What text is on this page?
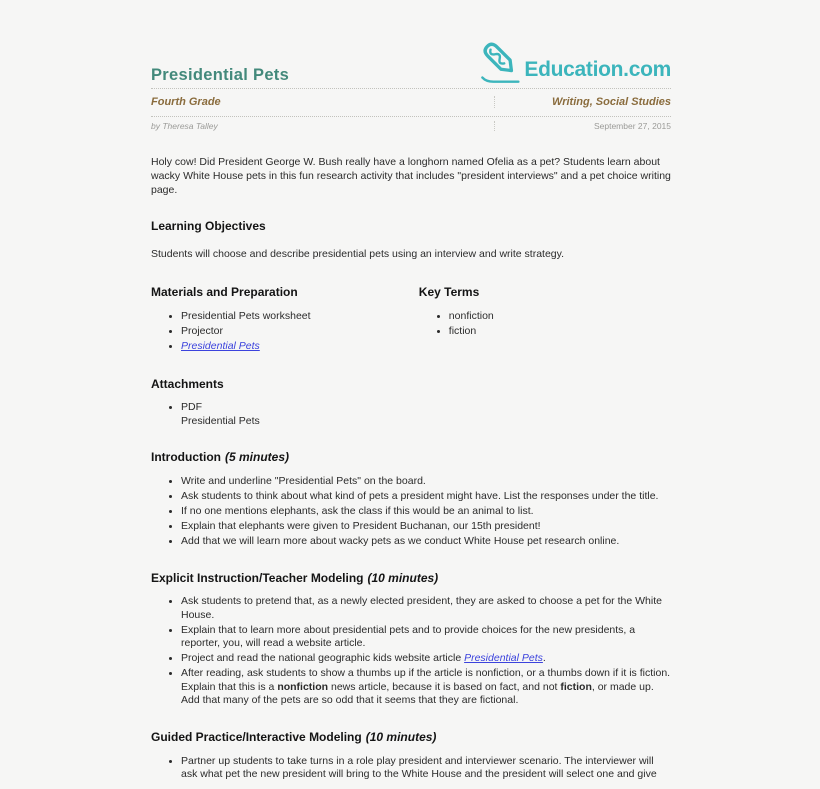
Presidential Pets	Education.com
Fourth Grade	Writing, Social Studies
by Theresa Talley	September 27, 2015
Holy cow! Did President George W. Bush really have a longhorn named Ofelia as a pet? Students learn about wacky White House pets in this fun research activity that includes "president interviews" and a pet choice writing page.
Learning Objectives
Students will choose and describe presidential pets using an interview and write strategy.
Materials and Preparation
• Presidential Pets worksheet
• Projector
• Presidential Pets
Key Terms
• nonfiction
• fiction
Attachments
• PDF
Presidential Pets
Introduction (5 minutes)
• Write and underline "Presidential Pets" on the board.
• Ask students to think about what kind of pets a president might have. List the responses under the title.
• If no one mentions elephants, ask the class if this would be an animal to list.
• Explain that elephants were given to President Buchanan, our 15th president!
• Add that we will learn more about wacky pets as we conduct White House pet research online.
Explicit Instruction/Teacher Modeling (10 minutes)
• Ask students to pretend that, as a newly elected president, they are asked to choose a pet for the White House.
• Explain that to learn more about presidential pets and to provide choices for the new presidents, a reporter, you, will read a website article.
• Project and read the national geographic kids website article Presidential Pets.
• After reading, ask students to show a thumbs up if the article is nonfiction, or a thumbs down if it is fiction. Explain that this is a nonfiction news article, because it is based on fact, and not fiction, or made up. Add that many of the pets are so odd that it seems that they are fictional.
Guided Practice/Interactive Modeling (10 minutes)
• Partner up students to take turns in a role play president and interviewer scenario. The interviewer will ask what pet the new president will bring to the White House and the president will select one and give
